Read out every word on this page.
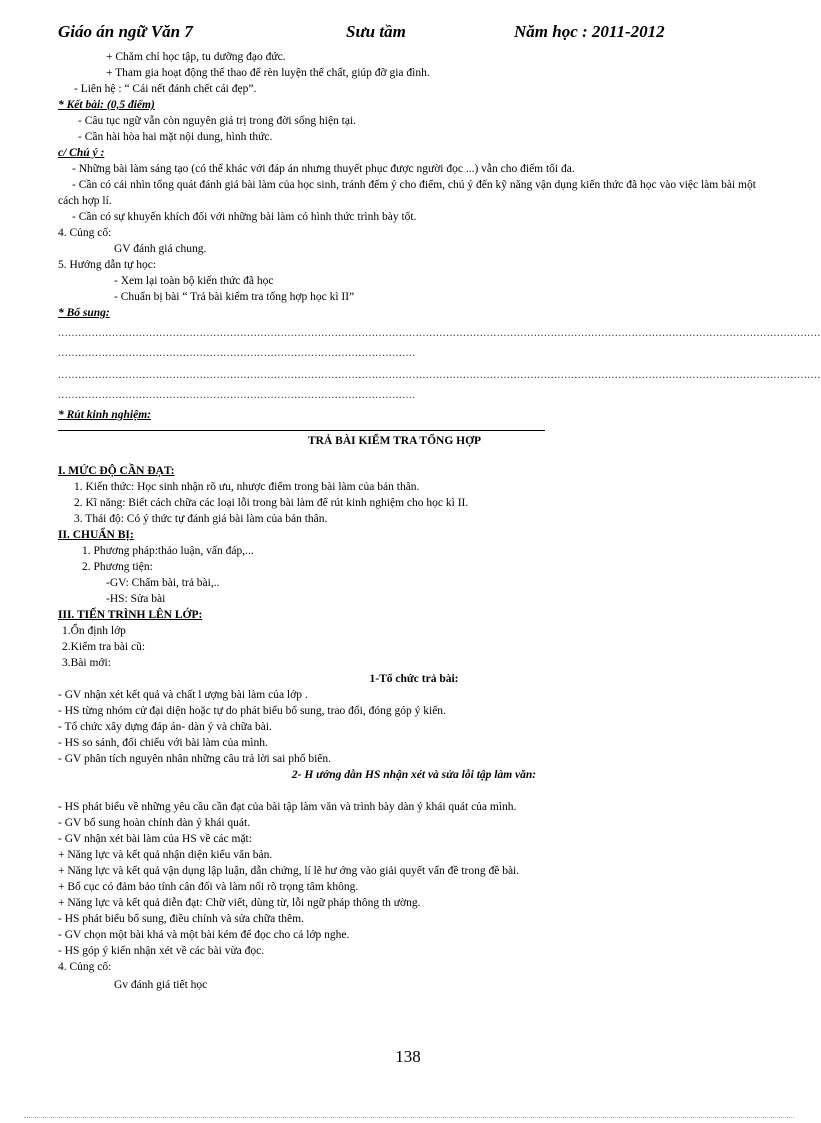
Giáo án ngữ Văn 7	Sưu tầm	Năm học : 2011-2012
+ Chăm chỉ học tập, tu dưỡng đạo đức.
+ Tham gia hoạt động thể thao để rèn luyện thể chất, giúp đỡ gia đình.
- Liên hệ : “ Cái nết đánh chết cái đẹp”.
* Kết bài: (0,5 điểm)
- Câu tục ngữ vẫn còn nguyên giá trị trong đời sống hiện tại.
- Cần hài hòa hai mặt nội dung, hình thức.
c/ Chú ý :
- Những bài làm sáng tạo (có thể khác với đáp án nhưng thuyết phục được người đọc ...) vẫn cho điểm tối đa.
- Cần có cái nhìn tổng quát đánh giá bài làm của học sinh, tránh đếm ý cho điểm, chú ý đến kỹ năng vận dụng kiến thức đã học vào việc làm bài một cách hợp lí.
- Cần có sự khuyến khích đối với những bài làm có hình thức trình bày tốt.
4. Củng cố:
GV đánh giá chung.
5. Hướng dẫn tự học:
- Xem lại toàn bộ kiến thức đã học
- Chuẩn bị bài “ Trả bài kiểm tra tổng hợp học kì II”
* Bổ sung:
..................................................................................................................................................................................................................................
..........................................................................................................
..................................................................................................................................................................................................................................
..........................................................................................................
* Rút kinh nghiệm:
TRẢ BÀI KIỂM TRA TỔNG HỢP
I. MỨC ĐỘ CẦN ĐẠT:
1. Kiến thức: Học sinh nhận rõ ưu, nhược điểm trong bài làm của bản thân.
2. Kĩ năng: Biết cách chữa các loại lỗi trong bài làm để rút kinh nghiệm cho học kì II.
3. Thái độ: Có ý thức tự đánh giá bài làm của bản thân.
II. CHUẨN BỊ:
1. Phương pháp:thảo luận, vấn đáp,...
2. Phương tiện:
-GV: Chấm bài, trả bài,..
-HS: Sửa bài
III. TIẾN TRÌNH LÊN LỚP:
1.Ổn định lớp
2.Kiểm tra bài cũ:
3.Bài mới:
1-Tổ chức trả bài:
- GV nhận xét kết quả và chất l ượng bài làm của lớp .
- HS từng nhóm cử đại diện hoặc tự do phát biểu bổ sung, trao đổi, đóng góp ý kiến.
- Tổ chức xây dựng đáp án- dàn ý và chữa bài.
- HS so sánh, đối chiếu với bài làm của mình.
- GV phân tích nguyên nhân những câu trả lời sai phổ biến.
2- H ướng dẫn HS nhận xét và sửa lỗi tập làm văn:
- HS phát biểu về những yêu cầu cần đạt của bài tập làm văn và trình bày dàn ý khái quát của mình.
- GV bổ sung hoàn chỉnh dàn ý khái quát.
- GV nhận xét bài làm của HS về các mặt:
+ Năng lực và kết quả nhận diện kiểu văn bản.
+ Năng lực và kết quả vận dụng lập luận, dẫn chứng, lí lẽ hư ớng vào giải quyết vấn đề trong đề bài.
+ Bố cục có đảm bảo tính cân đối và làm nổi rõ trọng tâm không.
+ Năng lực và kết quả diễn đạt: Chữ viết, dùng từ, lỗi ngữ pháp thông th ường.
- HS phát biểu bổ sung, điều chỉnh và sửa chữa thêm.
- GV chọn một bài khá và một bài kém để đọc cho cả lớp nghe.
- HS góp ý kiến nhận xét về các bài vừa đọc.
4. Củng cố:
Gv đánh giá tiết học
138
